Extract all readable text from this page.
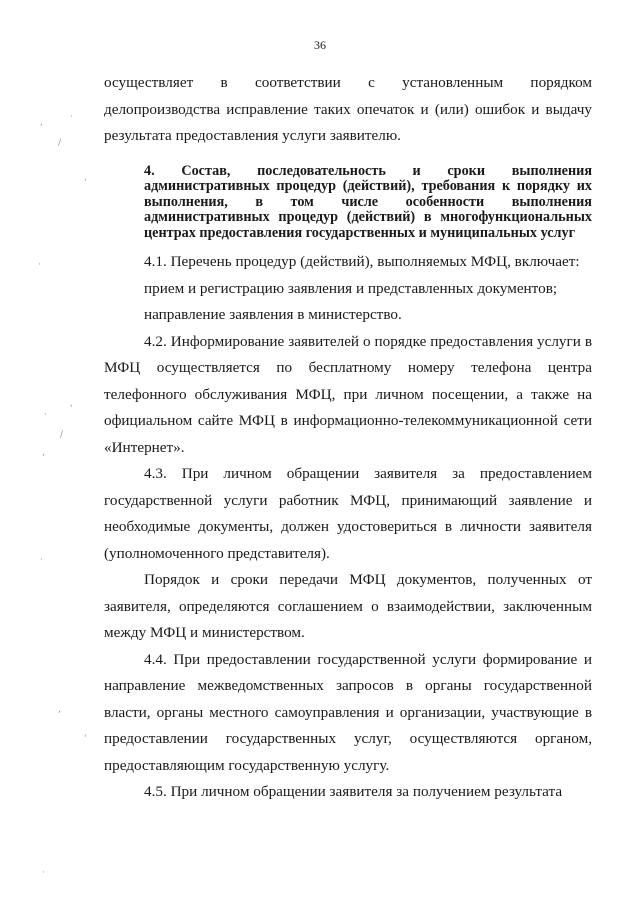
36

осуществляет в соответствии с установленным порядком делопроизводства исправление таких опечаток и (или) ошибок и выдачу результата предоставления услуги заявителю.

4. Состав, последовательность и сроки выполнения административных процедур (действий), требования к порядку их выполнения, в том числе особенности выполнения административных процедур (действий) в многофункциональных центрах предоставления государственных и муниципальных услуг

4.1. Перечень процедур (действий), выполняемых МФЦ, включает:

прием и регистрацию заявления и представленных документов;

направление заявления в министерство.

4.2. Информирование заявителей о порядке предоставления услуги в МФЦ осуществляется по бесплатному номеру телефона центра телефонного обслуживания МФЦ, при личном посещении, а также на официальном сайте МФЦ в информационно-телекоммуникационной сети «Интернет».

4.3. При личном обращении заявителя за предоставлением государственной услуги работник МФЦ, принимающий заявление и необходимые документы, должен удостовериться в личности заявителя (уполномоченного представителя).

Порядок и сроки передачи МФЦ документов, полученных от заявителя, определяются соглашением о взаимодействии, заключенным между МФЦ и министерством.

4.4. При предоставлении государственной услуги формирование и направление межведомственных запросов в органы государственной власти, органы местного самоуправления и организации, участвующие в предоставлении государственных услуг, осуществляются органом, предоставляющим государственную услугу.

4.5. При личном обращении заявителя за получением результата

,
·
/
'
·
·
'
/
,
·
,
'
·
